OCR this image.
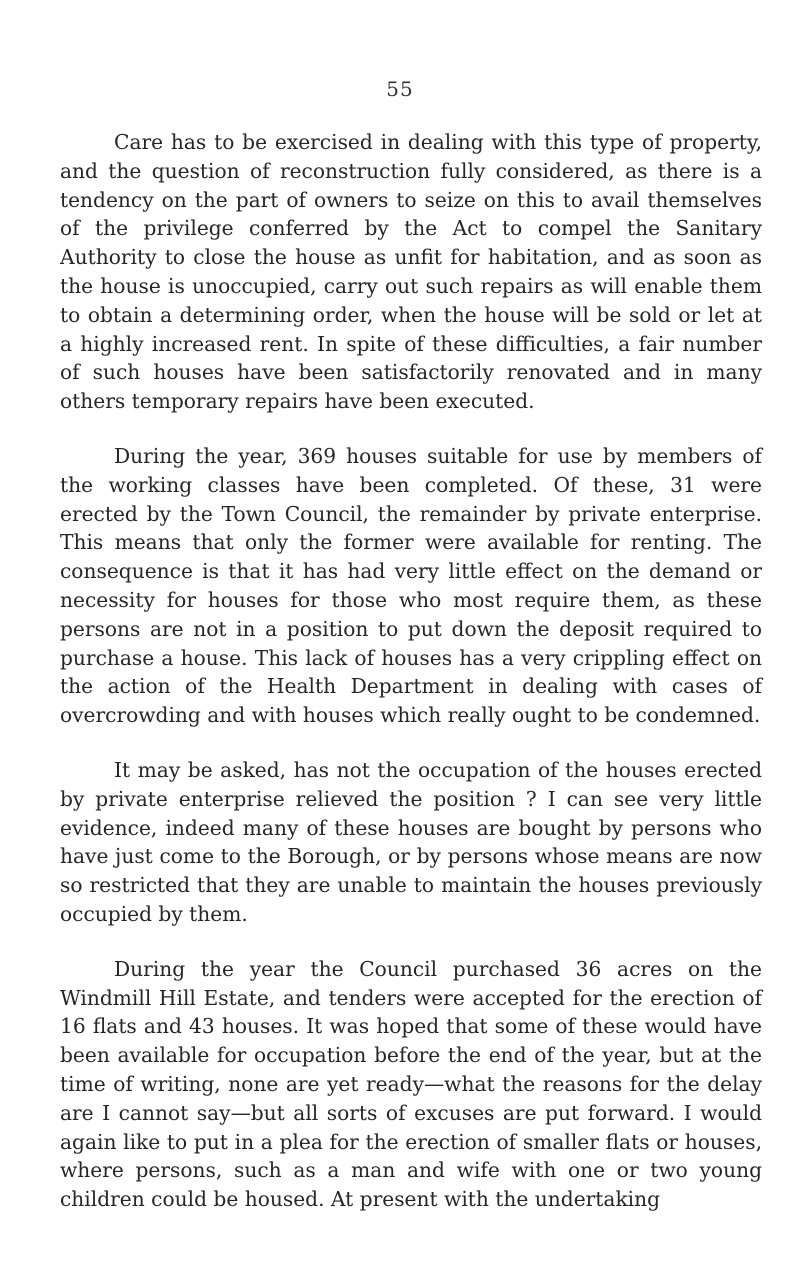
55

Care has to be exercised in dealing with this type of property, and the question of reconstruction fully considered, as there is a tendency on the part of owners to seize on this to avail themselves of the privilege conferred by the Act to compel the Sanitary Authority to close the house as unfit for habitation, and as soon as the house is unoccupied, carry out such repairs as will enable them to obtain a determining order, when the house will be sold or let at a highly increased rent. In spite of these difficulties, a fair number of such houses have been satisfactorily renovated and in many others temporary repairs have been executed.

During the year, 369 houses suitable for use by members of the working classes have been completed. Of these, 31 were erected by the Town Council, the remainder by private enterprise. This means that only the former were available for renting. The consequence is that it has had very little effect on the demand or necessity for houses for those who most require them, as these persons are not in a position to put down the deposit required to purchase a house. This lack of houses has a very crippling effect on the action of the Health Department in dealing with cases of overcrowding and with houses which really ought to be condemned.

It may be asked, has not the occupation of the houses erected by private enterprise relieved the position ? I can see very little evidence, indeed many of these houses are bought by persons who have just come to the Borough, or by persons whose means are now so restricted that they are unable to maintain the houses previously occupied by them.

During the year the Council purchased 36 acres on the Windmill Hill Estate, and tenders were accepted for the erection of 16 flats and 43 houses. It was hoped that some of these would have been available for occupation before the end of the year, but at the time of writing, none are yet ready—what the reasons for the delay are I cannot say—but all sorts of excuses are put forward. I would again like to put in a plea for the erection of smaller flats or houses, where persons, such as a man and wife with one or two young children could be housed. At present with the undertaking
